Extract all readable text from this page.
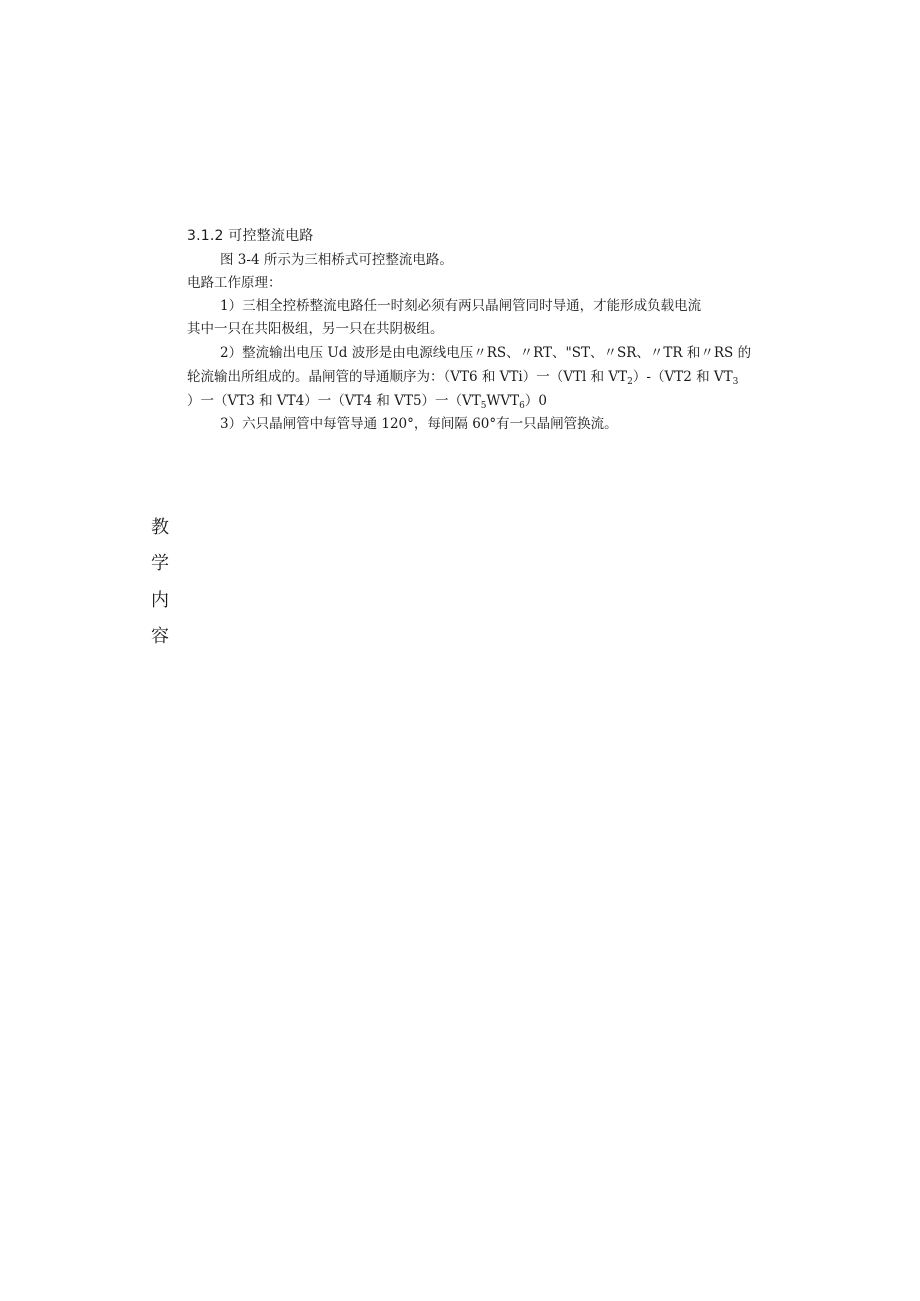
3.1.2 可控整流电路
图 3-4 所示为三相桥式可控整流电路。
电路工作原理：
1）三相全控桥整流电路任一时刻必须有两只晶闸管同时导通，才能形成负载电流
其中一只在共阳极组，另一只在共阴极组。
2）整流输出电压 Ud 波形是由电源线电压〃RS、〃RT、"ST、〃SR、〃TR 和〃RS 的
轮流输出所组成的。晶闸管的导通顺序为：（VT6 和 VTi）一（VTl 和 $VT_2)-(VT2$ 和 $VT_3$
）一（VT3 和 VT4）一（VT4 和 VT5）一$(VT_5WVT_6)0$
3）六只晶闸管中每管导通 120°，每间隔 60°有一只晶闸管换流。
教
学
内
容
